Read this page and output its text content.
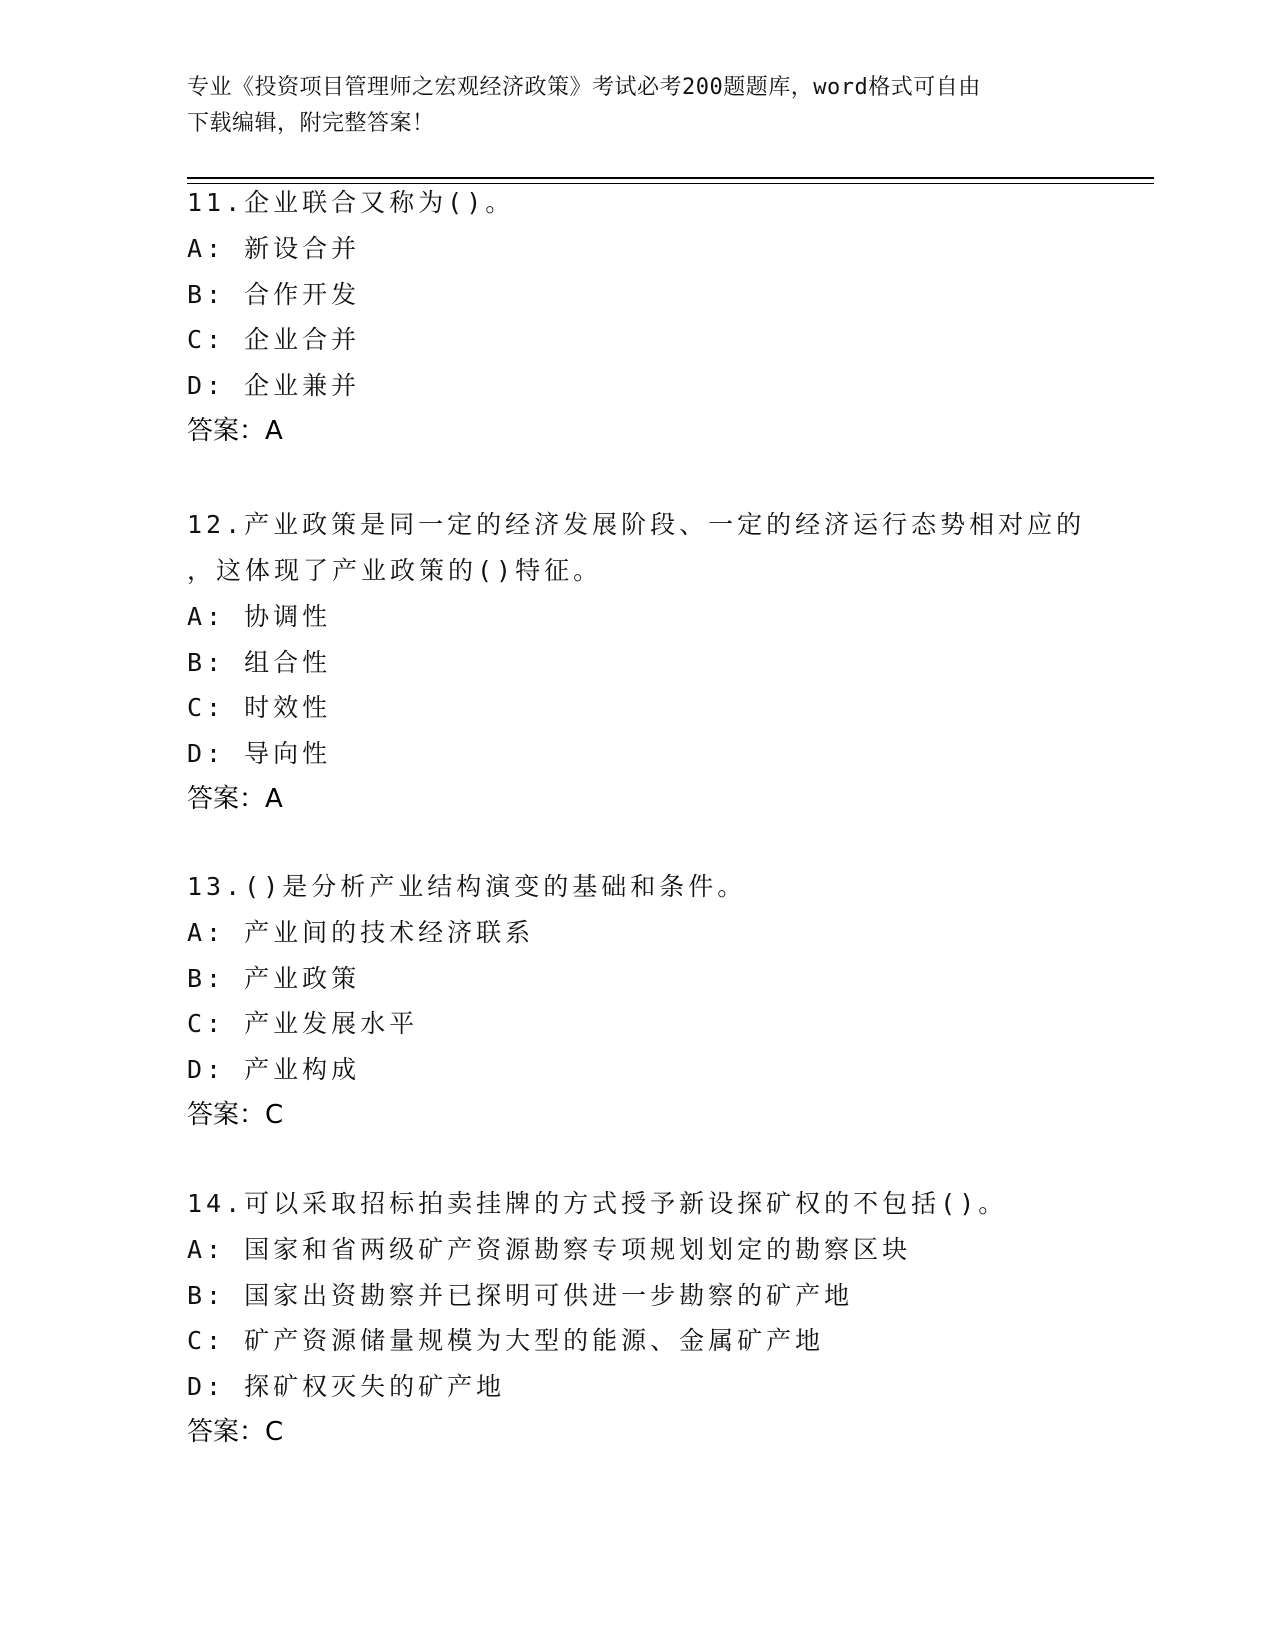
专业《投资项目管理师之宏观经济政策》考试必考200题题库，word格式可自由
下载编辑，附完整答案！

11.企业联合又称为()。

A: 新设合并

B: 合作开发

C: 企业合并

D: 企业兼并

答案：A

12.产业政策是同一定的经济发展阶段、一定的经济运行态势相对应的

，这体现了产业政策的()特征。

A: 协调性

B: 组合性

C: 时效性

D: 导向性

答案：A

13.()是分析产业结构演变的基础和条件。

A: 产业间的技术经济联系

B: 产业政策

C: 产业发展水平

D: 产业构成

答案：C

14.可以采取招标拍卖挂牌的方式授予新设探矿权的不包括()。

A: 国家和省两级矿产资源勘察专项规划划定的勘察区块

B: 国家出资勘察并已探明可供进一步勘察的矿产地

C: 矿产资源储量规模为大型的能源、金属矿产地

D: 探矿权灭失的矿产地

答案：C
